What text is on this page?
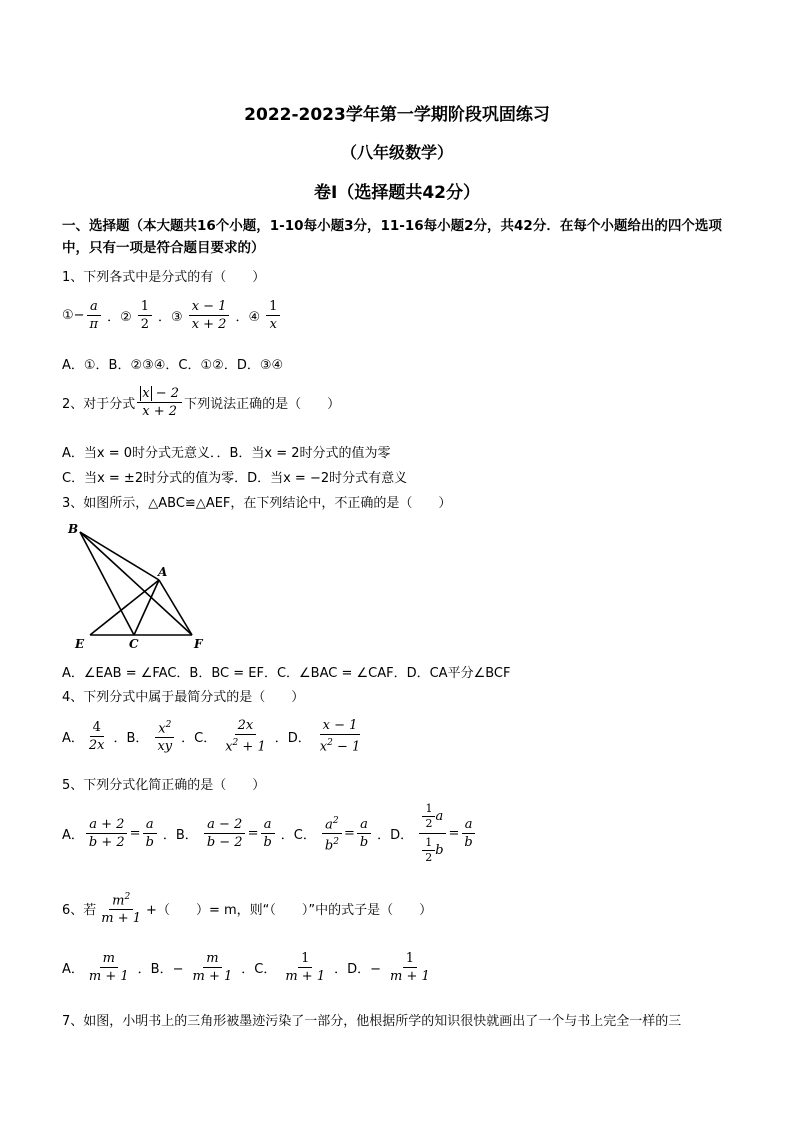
2022-2023学年第一学期阶段巩固练习
（八年级数学）
卷Ⅰ（选择题共42分）
一、选择题（本大题共16个小题，1-10每小题3分，11-16每小题2分，共42分．在每个小题给出的四个选项中，只有一项是符合题目要求的）
1、下列各式中是分式的有（　　）
①− $\frac{a}{\pi}$ ．② $\frac{1}{2}$ ．③ $\frac{x - 1}{x + 2}$ ．④ $\frac{1}{x}$
A．①．B．②③④．C．①②．D．③④
2、对于分式 $\frac{x - 2}{x + 2}$ 下列说法正确的是（　　）
A．当x = 0时分式无意义．．B．当x = 2时分式的值为零
C．当x = ±2时分式的值为零．D．当x = −2时分式有意义
3、如图所示，△ABC≌△AEF，在下列结论中，不正确的是（　　）
B
A
E	C	F
A．∠EAB = ∠FAC．B．BC = EF．C．∠BAC = ∠CAF．D．CA平分∠BCF
4、下列分式中属于最简分式的是（　　）
A． $\frac{4}{2x}$ ．B． $\frac{x^2}{xy}$ ．C． $\frac{2x}{x^2 + 1}$ ．D． $\frac{x - 1}{x^2 - 1}$
5、下列分式化简正确的是（　　）
A． $\frac{a + 2}{b + 2} = \frac{a}{b}$ ．B． $\frac{a - 2}{b - 2} = \frac{a}{b}$ ．C． $\frac{a^2}{b^2} = \frac{a}{b}$ ．D． $\frac{\frac{1}{2} a}{\frac{1}{2} b} = \frac{a}{b}$
6、若 $\frac{m^2}{m + 1}$ +（　　）= m，则“（　　）”中的式子是（　　）
A． $\frac{m}{m + 1}$ ．B．− $\frac{m}{m + 1}$ ．C． $\frac{1}{m + 1}$ ．D．− $\frac{1}{m + 1}$
7、如图，小明书上的三角形被墨迹污染了一部分，他根据所学的知识很快就画出了一个与书上完全一样的三
